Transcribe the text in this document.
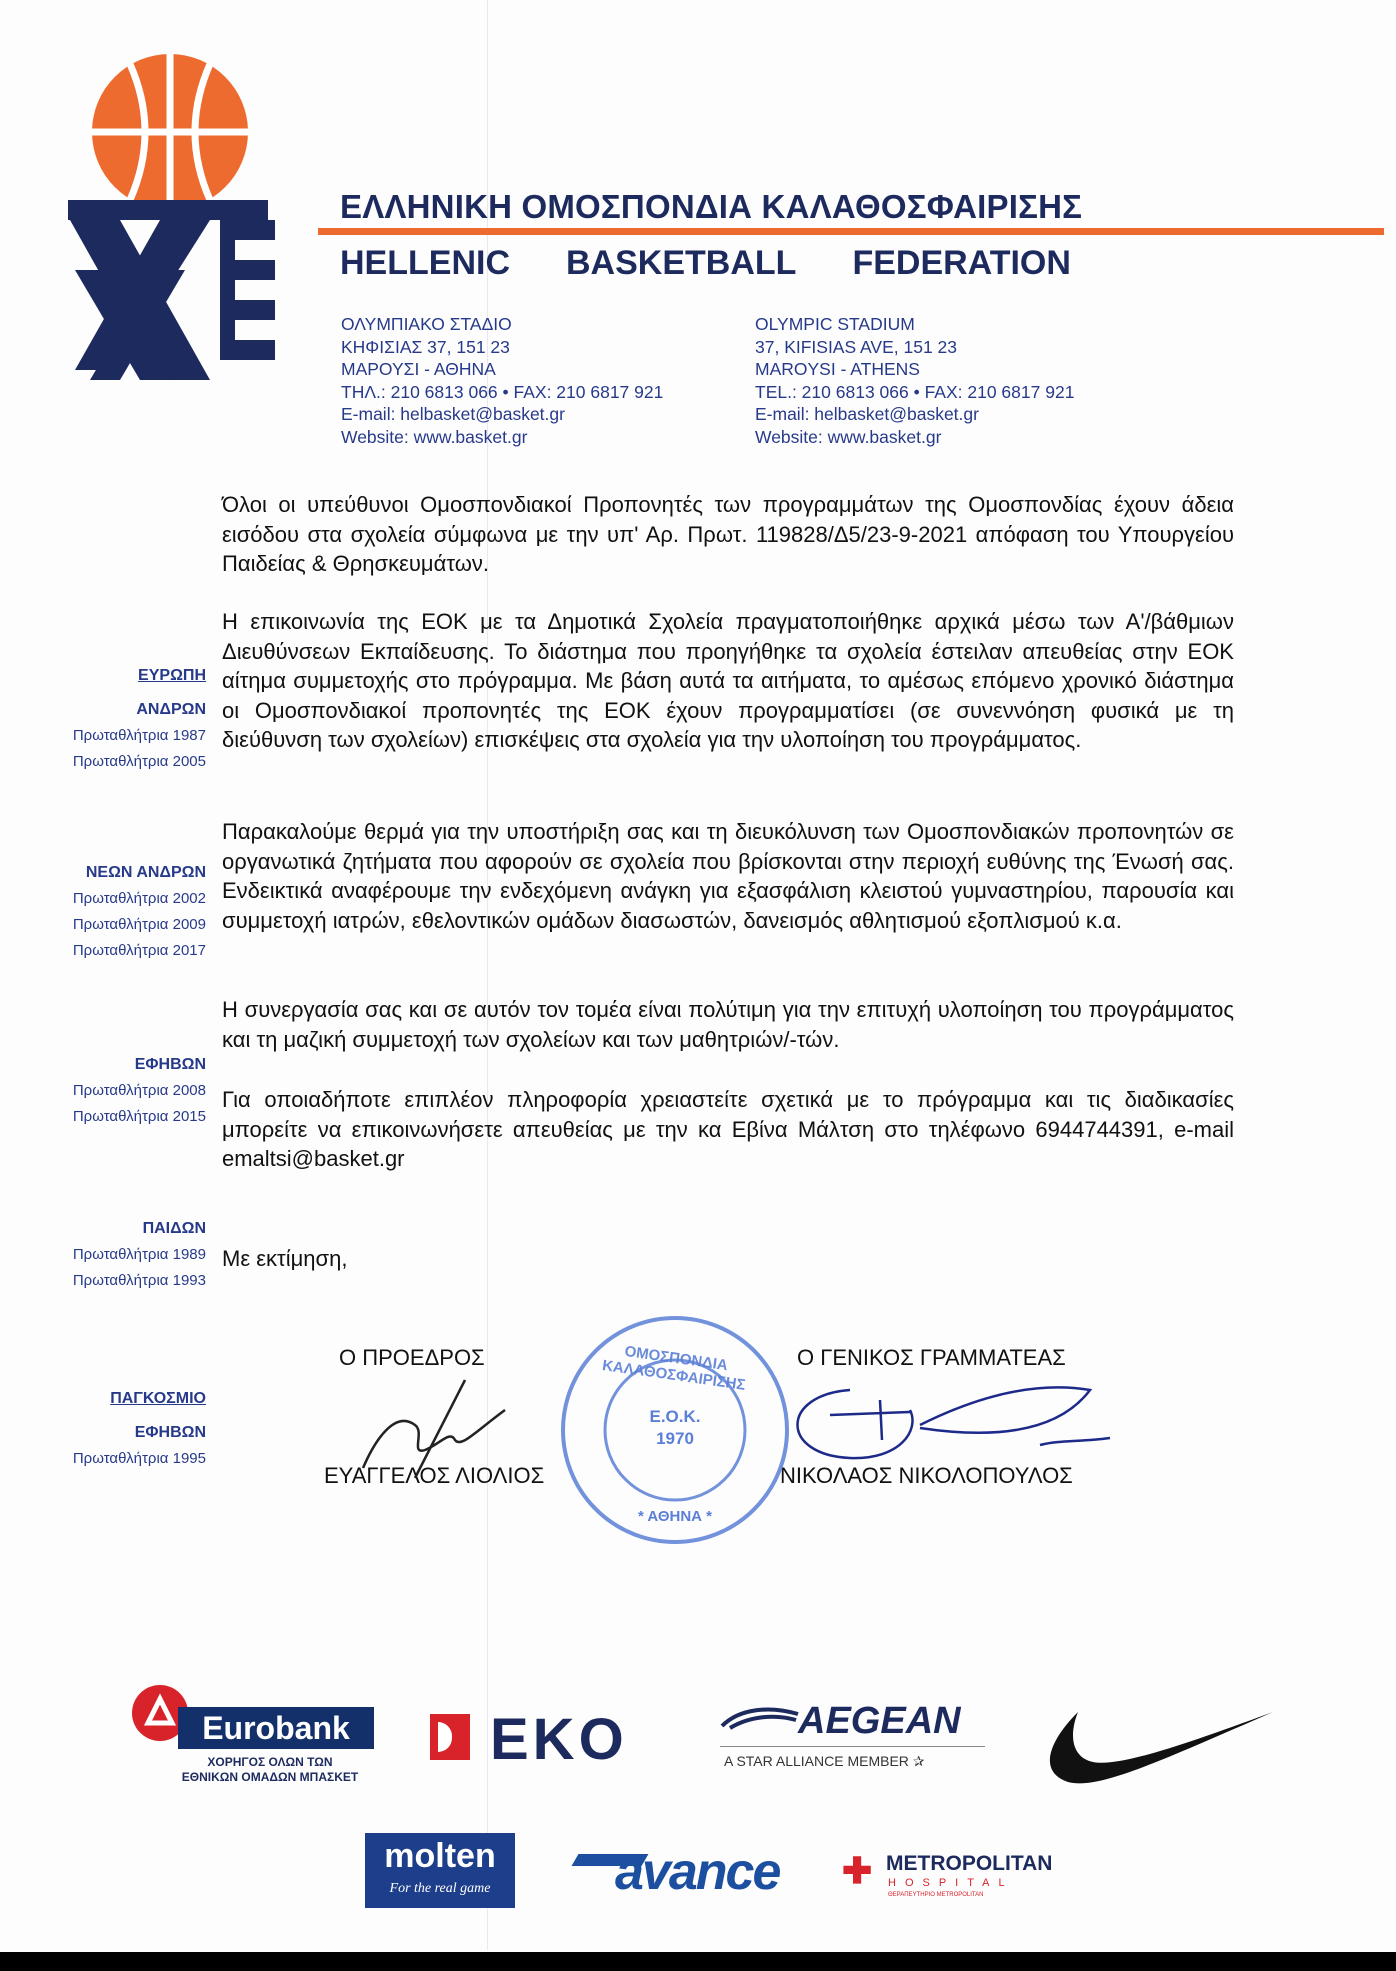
ΕΛΛΗΝΙΚΗ ΟΜΟΣΠΟΝΔΙΑ ΚΑΛΑΘΟΣΦΑΙΡΙΣΗΣ
HELLENIC BASKETBALL FEDERATION
ΟΛΥΜΠΙΑΚΟ ΣΤΑΔΙΟ
ΚΗΦΙΣΙΑΣ 37, 151 23
ΜΑΡΟΥΣΙ - ΑΘΗΝΑ
ΤΗΛ.: 210 6813 066 • FAX: 210 6817 921
E-mail: helbasket@basket.gr
Website: www.basket.gr
OLYMPIC STADIUM
37, KIFISIAS AVE, 151 23
MAROYSI - ATHENS
TEL.: 210 6813 066 • FAX: 210 6817 921
E-mail: helbasket@basket.gr
Website: www.basket.gr
ΕΥΡΩΠΗ
ΑΝΔΡΩΝ
Πρωταθλήτρια 1987
Πρωταθλήτρια 2005
ΝΕΩΝ ΑΝΔΡΩΝ
Πρωταθλήτρια 2002
Πρωταθλήτρια 2009
Πρωταθλήτρια 2017
ΕΦΗΒΩΝ
Πρωταθλήτρια 2008
Πρωταθλήτρια 2015
ΠΑΙΔΩΝ
Πρωταθλήτρια 1989
Πρωταθλήτρια 1993
ΠΑΓΚΟΣΜΙΟ
ΕΦΗΒΩΝ
Πρωταθλήτρια 1995
Όλοι οι υπεύθυνοι Ομοσπονδιακοί Προπονητές των προγραμμάτων της Ομοσπονδίας έχουν άδεια εισόδου στα σχολεία σύμφωνα με την υπ' Αρ. Πρωτ. 119828/Δ5/23-9-2021 απόφαση του Υπουργείου Παιδείας & Θρησκευμάτων.
Η επικοινωνία της ΕΟΚ με τα Δημοτικά Σχολεία πραγματοποιήθηκε αρχικά μέσω των Α'/βάθμιων Διευθύνσεων Εκπαίδευσης. Το διάστημα που προηγήθηκε τα σχολεία έστειλαν απευθείας στην ΕΟΚ αίτημα συμμετοχής στο πρόγραμμα. Με βάση αυτά τα αιτήματα, το αμέσως επόμενο χρονικό διάστημα οι Ομοσπονδιακοί προπονητές της ΕΟΚ έχουν προγραμματίσει (σε συνεννόηση φυσικά με τη διεύθυνση των σχολείων) επισκέψεις στα σχολεία για την υλοποίηση του προγράμματος.
Παρακαλούμε θερμά για την υποστήριξη σας και τη διευκόλυνση των Ομοσπονδιακών προπονητών σε οργανωτικά ζητήματα που αφορούν σε σχολεία που βρίσκονται στην περιοχή ευθύνης της Ένωσή σας. Ενδεικτικά αναφέρουμε την ενδεχόμενη ανάγκη για εξασφάλιση κλειστού γυμναστηρίου, παρουσία και συμμετοχή ιατρών, εθελοντικών ομάδων διασωστών, δανεισμός αθλητισμού εξοπλισμού κ.α.
Η συνεργασία σας και σε αυτόν τον τομέα είναι πολύτιμη για την επιτυχή υλοποίηση του προγράμματος και τη μαζική συμμετοχή των σχολείων και των μαθητριών/-τών.
Για οποιαδήποτε επιπλέον πληροφορία χρειαστείτε σχετικά με το πρόγραμμα και τις διαδικασίες μπορείτε να επικοινωνήσετε απευθείας με την κα Εβίνα Μάλτση στο τηλέφωνο 6944744391, e-mail emaltsi@basket.gr
Με εκτίμηση,
Ο ΠΡΟΕΔΡΟΣ
ΕΥΑΓΓΕΛΟΣ ΛΙΟΛΙΟΣ
Ο ΓΕΝΙΚΟΣ ΓΡΑΜΜΑΤΕΑΣ
ΝΙΚΟΛΑΟΣ ΝΙΚΟΛΟΠΟΥΛΟΣ
ΟΜΟΣΠΟΝΔΙΑ ΚΑΛΑΘΟΣΦΑΙΡΙΣΗΣ
Ε.Ο.Κ.
1970
* ΑΘΗΝΑ *
Eurobank
ΧΟΡΗΓΟΣ ΟΛΩΝ ΤΩΝ
ΕΘΝΙΚΩΝ ΟΜΑΔΩΝ ΜΠΑΣΚΕΤ
EKO	AEGEAN
A STAR ALLIANCE MEMBER ✰
molten
For the real game	avance ✚ METROPOLITAN
HOSPITAL
ΘΕΡΑΠΕΥΤΗΡΙΟ METROPOLITAN
